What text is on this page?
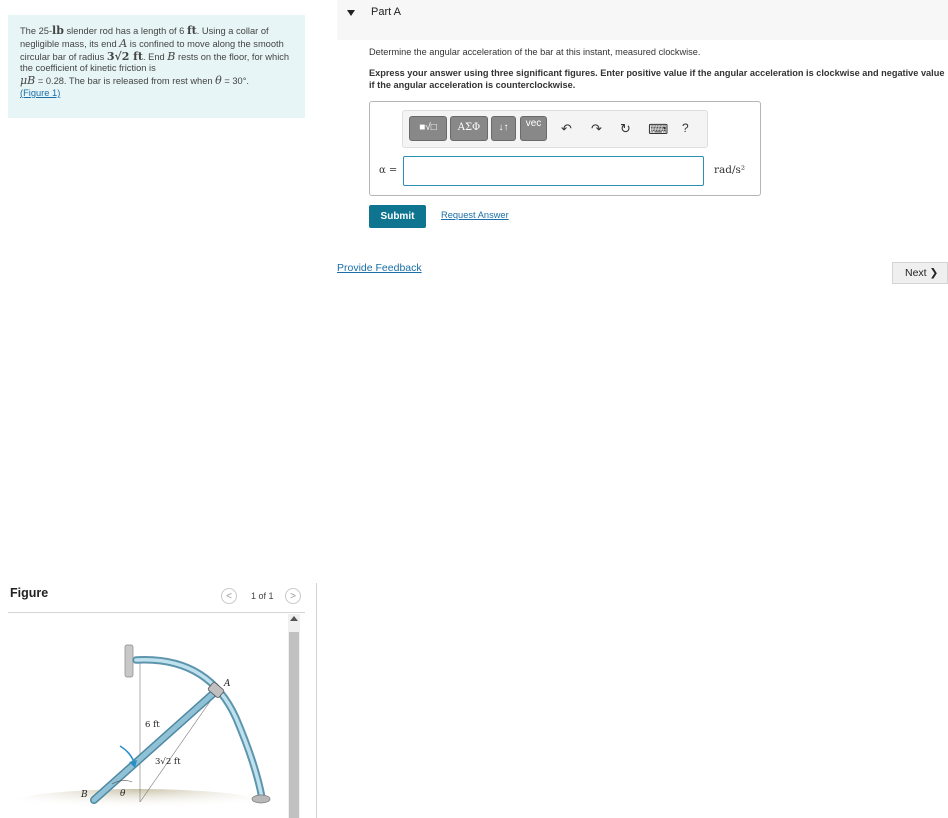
The 25-lb slender rod has a length of 6 ft. Using a collar of negligible mass, its end A is confined to move along the smooth circular bar of radius 3√2 ft. End B rests on the floor, for which the coefficient of kinetic friction is
μB = 0.28. The bar is released from rest when θ = 30°.
(Figure 1)
Figure	<	1 of 1	>
A
B	θ
6 ft
3√2 ft
Part A
Determine the angular acceleration of the bar at this instant, measured clockwise.
Express your answer using three significant figures. Enter positive value if the angular acceleration is clockwise and negative value if the angular acceleration is counterclockwise.
■√□	ΑΣΦ	↓↑	vec	↶ ↷ ↻ ⌨ ?
α =	rad/s²
Submit	Request Answer
Provide Feedback	Next ❯
